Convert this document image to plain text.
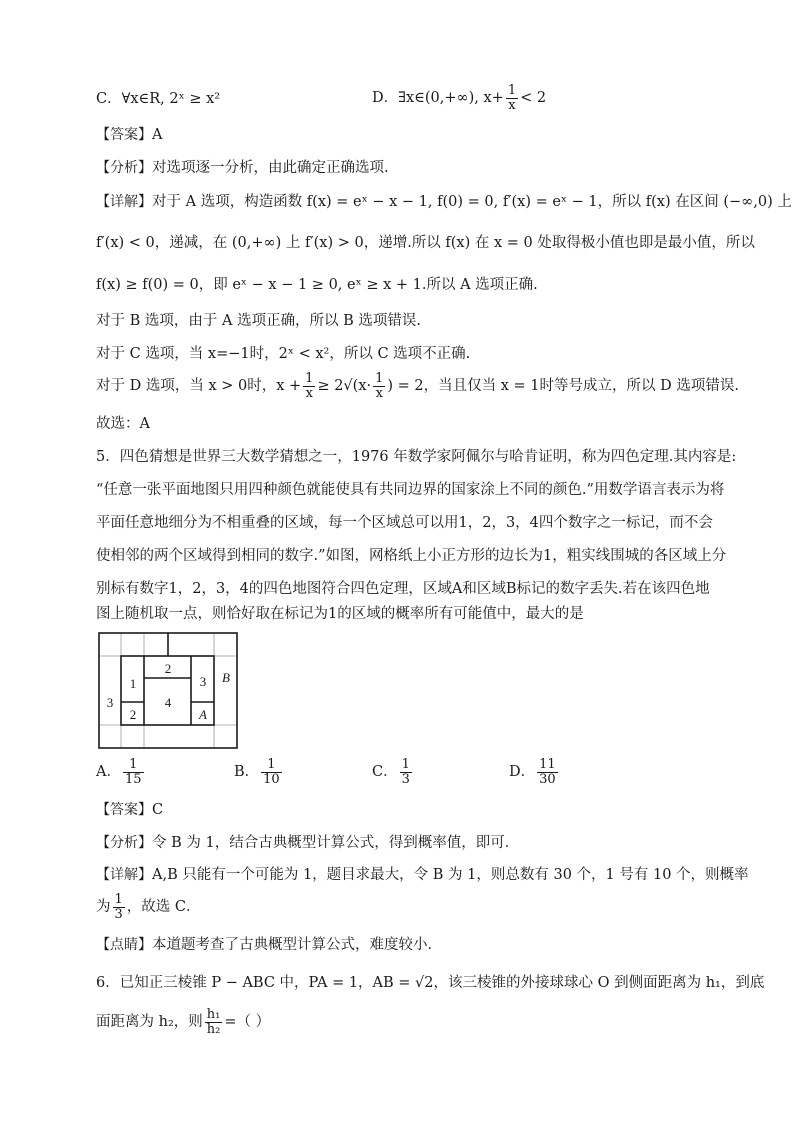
C．∀x∈R, 2ˣ ≥ x²	D．∃x∈(0,+∞), $x+ \frac{1}{x} < 2$
【答案】A
【分析】对选项逐一分析，由此确定正确选项.
【详解】对于 A 选项，构造函数 f(x) = eˣ − x − 1, f(0) = 0, f′(x) = eˣ − 1，所以 f(x) 在区间 (−∞,0) 上
f′(x) < 0，递减，在 (0,+∞) 上 f′(x) > 0，递增.所以 f(x) 在 x = 0 处取得极小值也即是最小值，所以
f(x) ≥ f(0) = 0，即 eˣ − x − 1 ≥ 0, eˣ ≥ x + 1.所以 A 选项正确.
对于 B 选项，由于 A 选项正确，所以 B 选项错误.
对于 C 选项，当 x=−1时，2ˣ < x²，所以 C 选项不正确.
对于 D 选项，当 x > 0时，$x + \frac{1}{x} \ge 2√(x\cdot \frac{1}{x}$ ) = 2，当且仅当 x = 1时等号成立，所以 D 选项错误.
故选：A
5．四色猜想是世界三大数学猜想之一，1976 年数学家阿佩尔与哈肯证明，称为四色定理.其内容是:
“任意一张平面地图只用四种颜色就能使具有共同边界的国家涂上不同的颜色.”用数学语言表示为将
平面任意地细分为不相重叠的区域，每一个区域总可以用1，2，3，4四个数字之一标记，而不会
使相邻的两个区域得到相同的数字.”如图，网格纸上小正方形的边长为1，粗实线围城的各区域上分
别标有数字1，2，3，4的四色地图符合四色定理，区域A和区域B标记的数字丢失.若在该四色地
图上随机取一点，则恰好取在标记为1的区域的概率所有可能值中，最大的是
1
2
2
3
3
4
A
B
A． $\frac{1}{15}$	B． $\frac{1}{10}$	C． $\frac{1}{3}$	D． $\frac{11}{30}$
【答案】C
【分析】令 B 为 1，结合古典概型计算公式，得到概率值，即可．
【详解】A,B 只能有一个可能为 1，题目求最大，令 B 为 1，则总数有 30 个，1 号有 10 个，则概率
为 $\frac{1}{3}$ ，故选 C．
【点睛】本道题考查了古典概型计算公式，难度较小．
6．已知正三棱锥 P − ABC 中，PA = 1，AB = √2，该三棱锥的外接球球心 O 到侧面距离为 h₁，到底
面距离为 h₂，则 $\frac{\text{h₁}}{\text{h₂}}$ =（ ）
